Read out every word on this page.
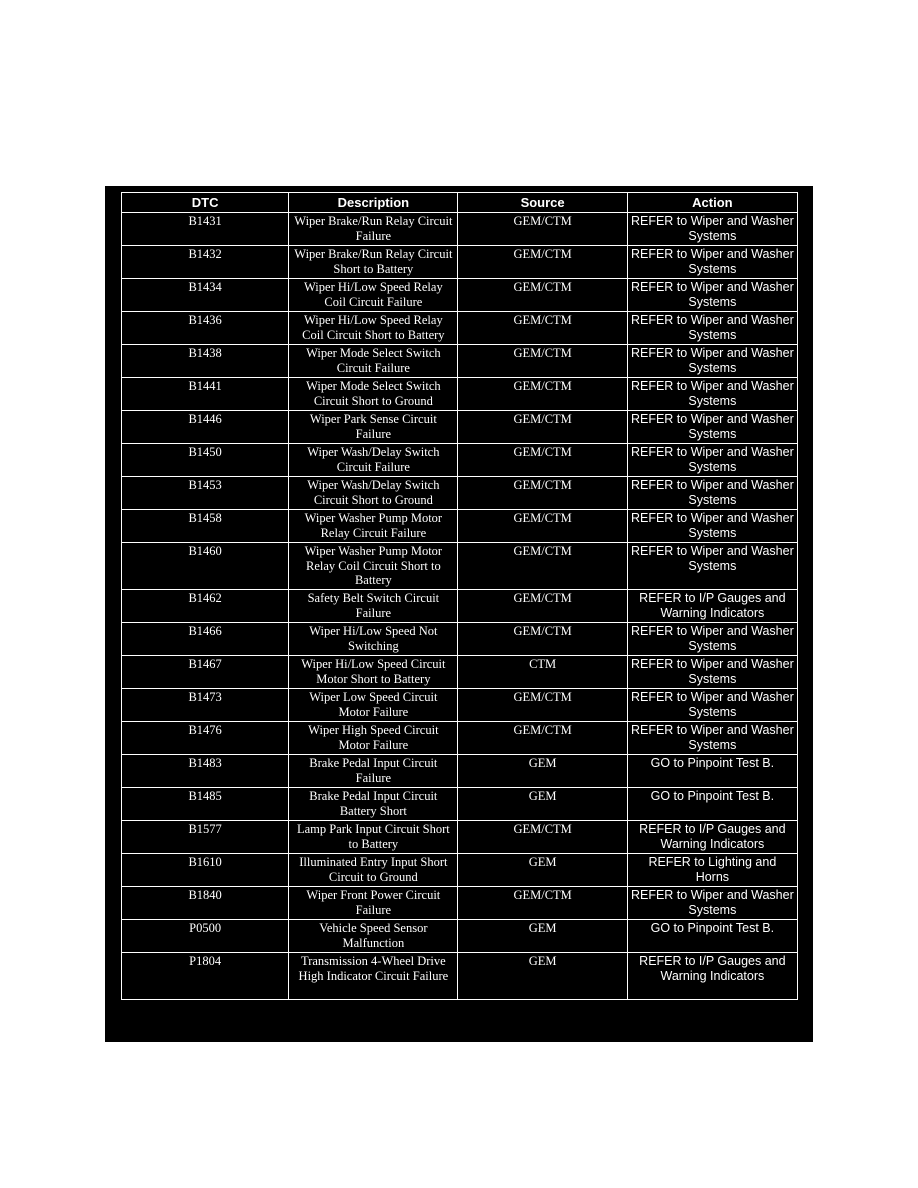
DTC	Description	Source	Action
B1431	Wiper Brake/Run Relay Circuit Failure	GEM/CTM	REFER to Wiper and Washer Systems
B1432	Wiper Brake/Run Relay Circuit Short to Battery	GEM/CTM	REFER to Wiper and Washer Systems
B1434	Wiper Hi/Low Speed Relay Coil Circuit Failure	GEM/CTM	REFER to Wiper and Washer Systems
B1436	Wiper Hi/Low Speed Relay Coil Circuit Short to Battery	GEM/CTM	REFER to Wiper and Washer Systems
B1438	Wiper Mode Select Switch Circuit Failure	GEM/CTM	REFER to Wiper and Washer Systems
B1441	Wiper Mode Select Switch Circuit Short to Ground	GEM/CTM	REFER to Wiper and Washer Systems
B1446	Wiper Park Sense Circuit Failure	GEM/CTM	REFER to Wiper and Washer Systems
B1450	Wiper Wash/Delay Switch Circuit Failure	GEM/CTM	REFER to Wiper and Washer Systems
B1453	Wiper Wash/Delay Switch Circuit Short to Ground	GEM/CTM	REFER to Wiper and Washer Systems
B1458	Wiper Washer Pump Motor Relay Circuit Failure	GEM/CTM	REFER to Wiper and Washer Systems
B1460	Wiper Washer Pump Motor Relay Coil Circuit Short to Battery	GEM/CTM	REFER to Wiper and Washer Systems
B1462	Safety Belt Switch Circuit Failure	GEM/CTM	REFER to I/P Gauges and Warning Indicators
B1466	Wiper Hi/Low Speed Not Switching	GEM/CTM	REFER to Wiper and Washer Systems
B1467	Wiper Hi/Low Speed Circuit Motor Short to Battery	CTM	REFER to Wiper and Washer Systems
B1473	Wiper Low Speed Circuit Motor Failure	GEM/CTM	REFER to Wiper and Washer Systems
B1476	Wiper High Speed Circuit Motor Failure	GEM/CTM	REFER to Wiper and Washer Systems
B1483	Brake Pedal Input Circuit Failure	GEM	GO to Pinpoint Test B.
B1485	Brake Pedal Input Circuit Battery Short	GEM	GO to Pinpoint Test B.
B1577	Lamp Park Input Circuit Short to Battery	GEM/CTM	REFER to I/P Gauges and Warning Indicators
B1610	Illuminated Entry Input Short Circuit to Ground	GEM	REFER to Lighting and Horns
B1840	Wiper Front Power Circuit Failure	GEM/CTM	REFER to Wiper and Washer Systems
P0500	Vehicle Speed Sensor Malfunction	GEM	GO to Pinpoint Test B.
P1804	Transmission 4-Wheel Drive High Indicator Circuit Failure	GEM	REFER to I/P Gauges and Warning Indicators
